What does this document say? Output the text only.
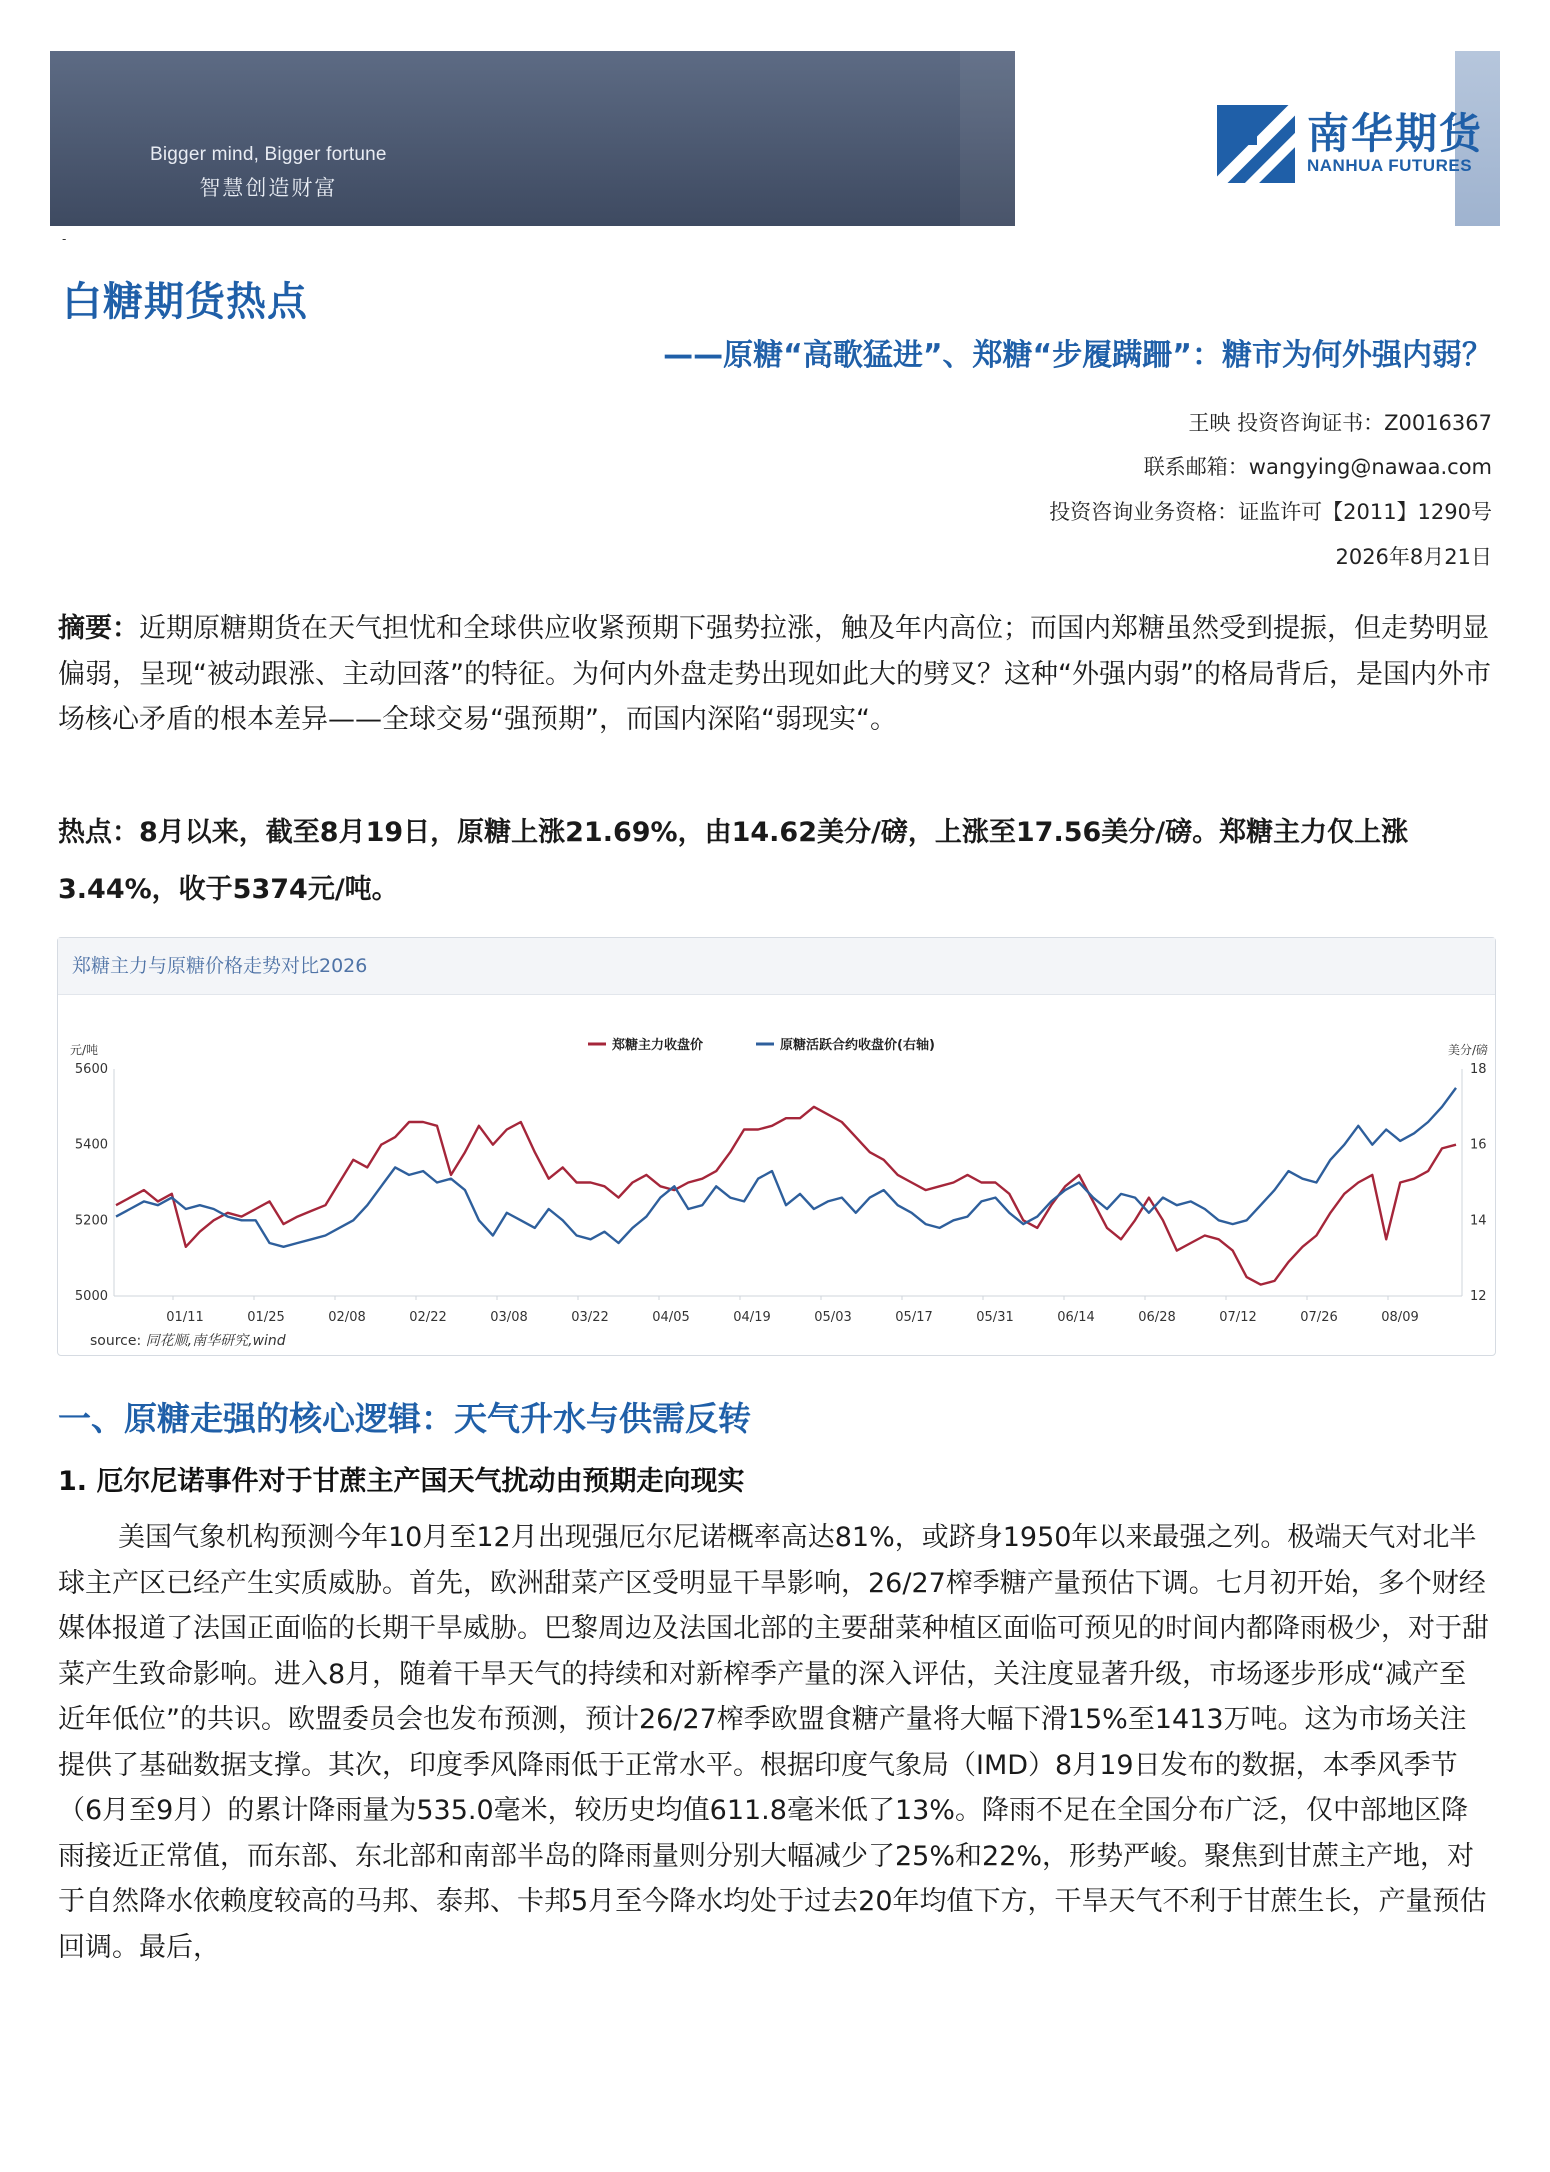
Bigger mind, Bigger fortune
智慧创造财富
南华期货
NANHUA FUTURES
-
白糖期货热点
——原糖“高歌猛进”、郑糖“步履蹒跚”：糖市为何外强内弱？
王映 投资咨询证书：Z0016367
联系邮箱：wangying@nawaa.com
投资咨询业务资格：证监许可【2011】1290号
2026年8月21日

摘要：近期原糖期货在天气担忧和全球供应收紧预期下强势拉涨，触及年内高位；而国内郑糖虽然受到提振，但走势明显偏弱，呈现“被动跟涨、主动回落”的特征。为何内外盘走势出现如此大的劈叉？这种“外强内弱”的格局背后，是国内外市场核心矛盾的根本差异——全球交易“强预期”，而国内深陷“弱现实“。

热点：8月以来，截至8月19日，原糖上涨21.69%，由14.62美分/磅，上涨至17.56美分/磅。郑糖主力仅上涨3.44%，收于5374元/吨。

郑糖主力与原糖价格走势对比2026
元/吨	美分/磅
5000
5200
5400
5600
12
14
16
18
01/11	01/25	02/08	02/22	03/08	03/22	04/05	04/19	05/03	05/17	05/31	06/14	06/28	07/12	07/26	08/09
郑糖主力收盘价	原糖活跃合约收盘价(右轴)
source: 同花顺,南华研究,wind
一、原糖走强的核心逻辑：天气升水与供需反转
1. 厄尔尼诺事件对于甘蔗主产国天气扰动由预期走向现实

美国气象机构预测今年10月至12月出现强厄尔尼诺概率高达81%，或跻身1950年以来最强之列。极端天气对北半球主产区已经产生实质威胁。首先，欧洲甜菜产区受明显干旱影响，26/27榨季糖产量预估下调。七月初开始，多个财经媒体报道了法国正面临的长期干旱威胁。巴黎周边及法国北部的主要甜菜种植区面临可预见的时间内都降雨极少，对于甜菜产生致命影响。进入8月，随着干旱天气的持续和对新榨季产量的深入评估，关注度显著升级，市场逐步形成“减产至近年低位”的共识。欧盟委员会也发布预测，预计26/27榨季欧盟食糖产量将大幅下滑15%至1413万吨。这为市场关注提供了基础数据支撑。其次，印度季风降雨低于正常水平。根据印度气象局（IMD）8月19日发布的数据，本季风季节（6月至9月）的累计降雨量为535.0毫米，较历史均值611.8毫米低了13%。降雨不足在全国分布广泛，仅中部地区降雨接近正常值，而东部、东北部和南部半岛的降雨量则分别大幅减少了25%和22%，形势严峻。聚焦到甘蔗主产地，对于自然降水依赖度较高的马邦、泰邦、卡邦5月至今降水均处于过去20年均值下方，干旱天气不利于甘蔗生长，产量预估回调。最后，
